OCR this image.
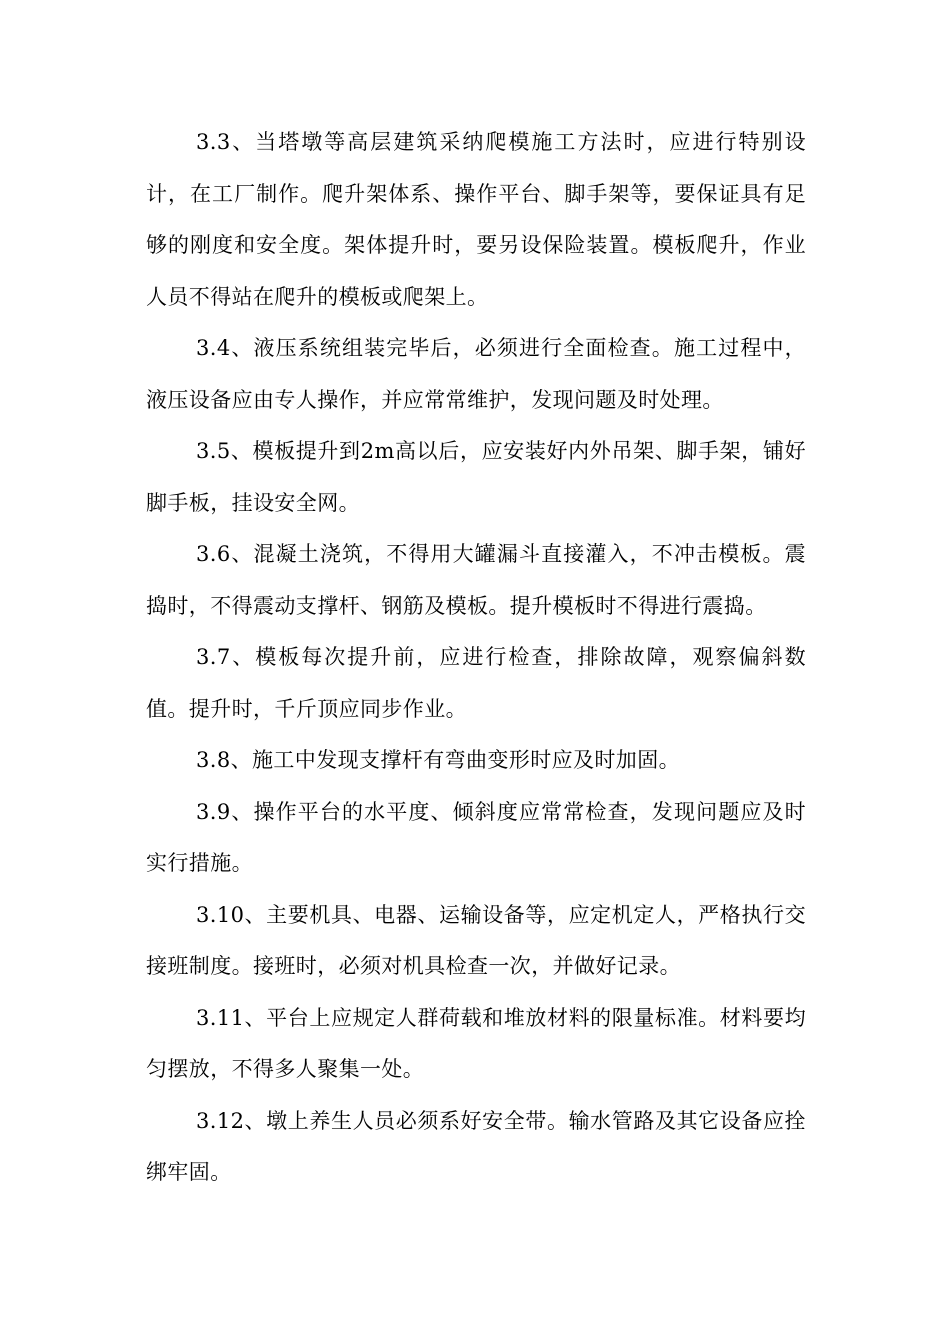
3.3、当塔墩等高层建筑采纳爬模施工方法时，应进行特别设计，在工厂制作。爬升架体系、操作平台、脚手架等，要保证具有足够的刚度和安全度。架体提升时，要另设保险装置。模板爬升，作业人员不得站在爬升的模板或爬架上。

3.4、液压系统组装完毕后，必须进行全面检查。施工过程中，液压设备应由专人操作，并应常常维护，发现问题及时处理。

3.5、模板提升到2m高以后，应安装好内外吊架、脚手架，铺好脚手板，挂设安全网。

3.6、混凝土浇筑，不得用大罐漏斗直接灌入，不冲击模板。震捣时，不得震动支撑杆、钢筋及模板。提升模板时不得进行震捣。

3.7、模板每次提升前，应进行检查，排除故障，观察偏斜数值。提升时，千斤顶应同步作业。

3.8、施工中发现支撑杆有弯曲变形时应及时加固。

3.9、操作平台的水平度、倾斜度应常常检查，发现问题应及时实行措施。

3.10、主要机具、电器、运输设备等，应定机定人，严格执行交接班制度。接班时，必须对机具检查一次，并做好记录。

3.11、平台上应规定人群荷载和堆放材料的限量标准。材料要均匀摆放，不得多人聚集一处。

3.12、墩上养生人员必须系好安全带。输水管路及其它设备应拴绑牢固。
